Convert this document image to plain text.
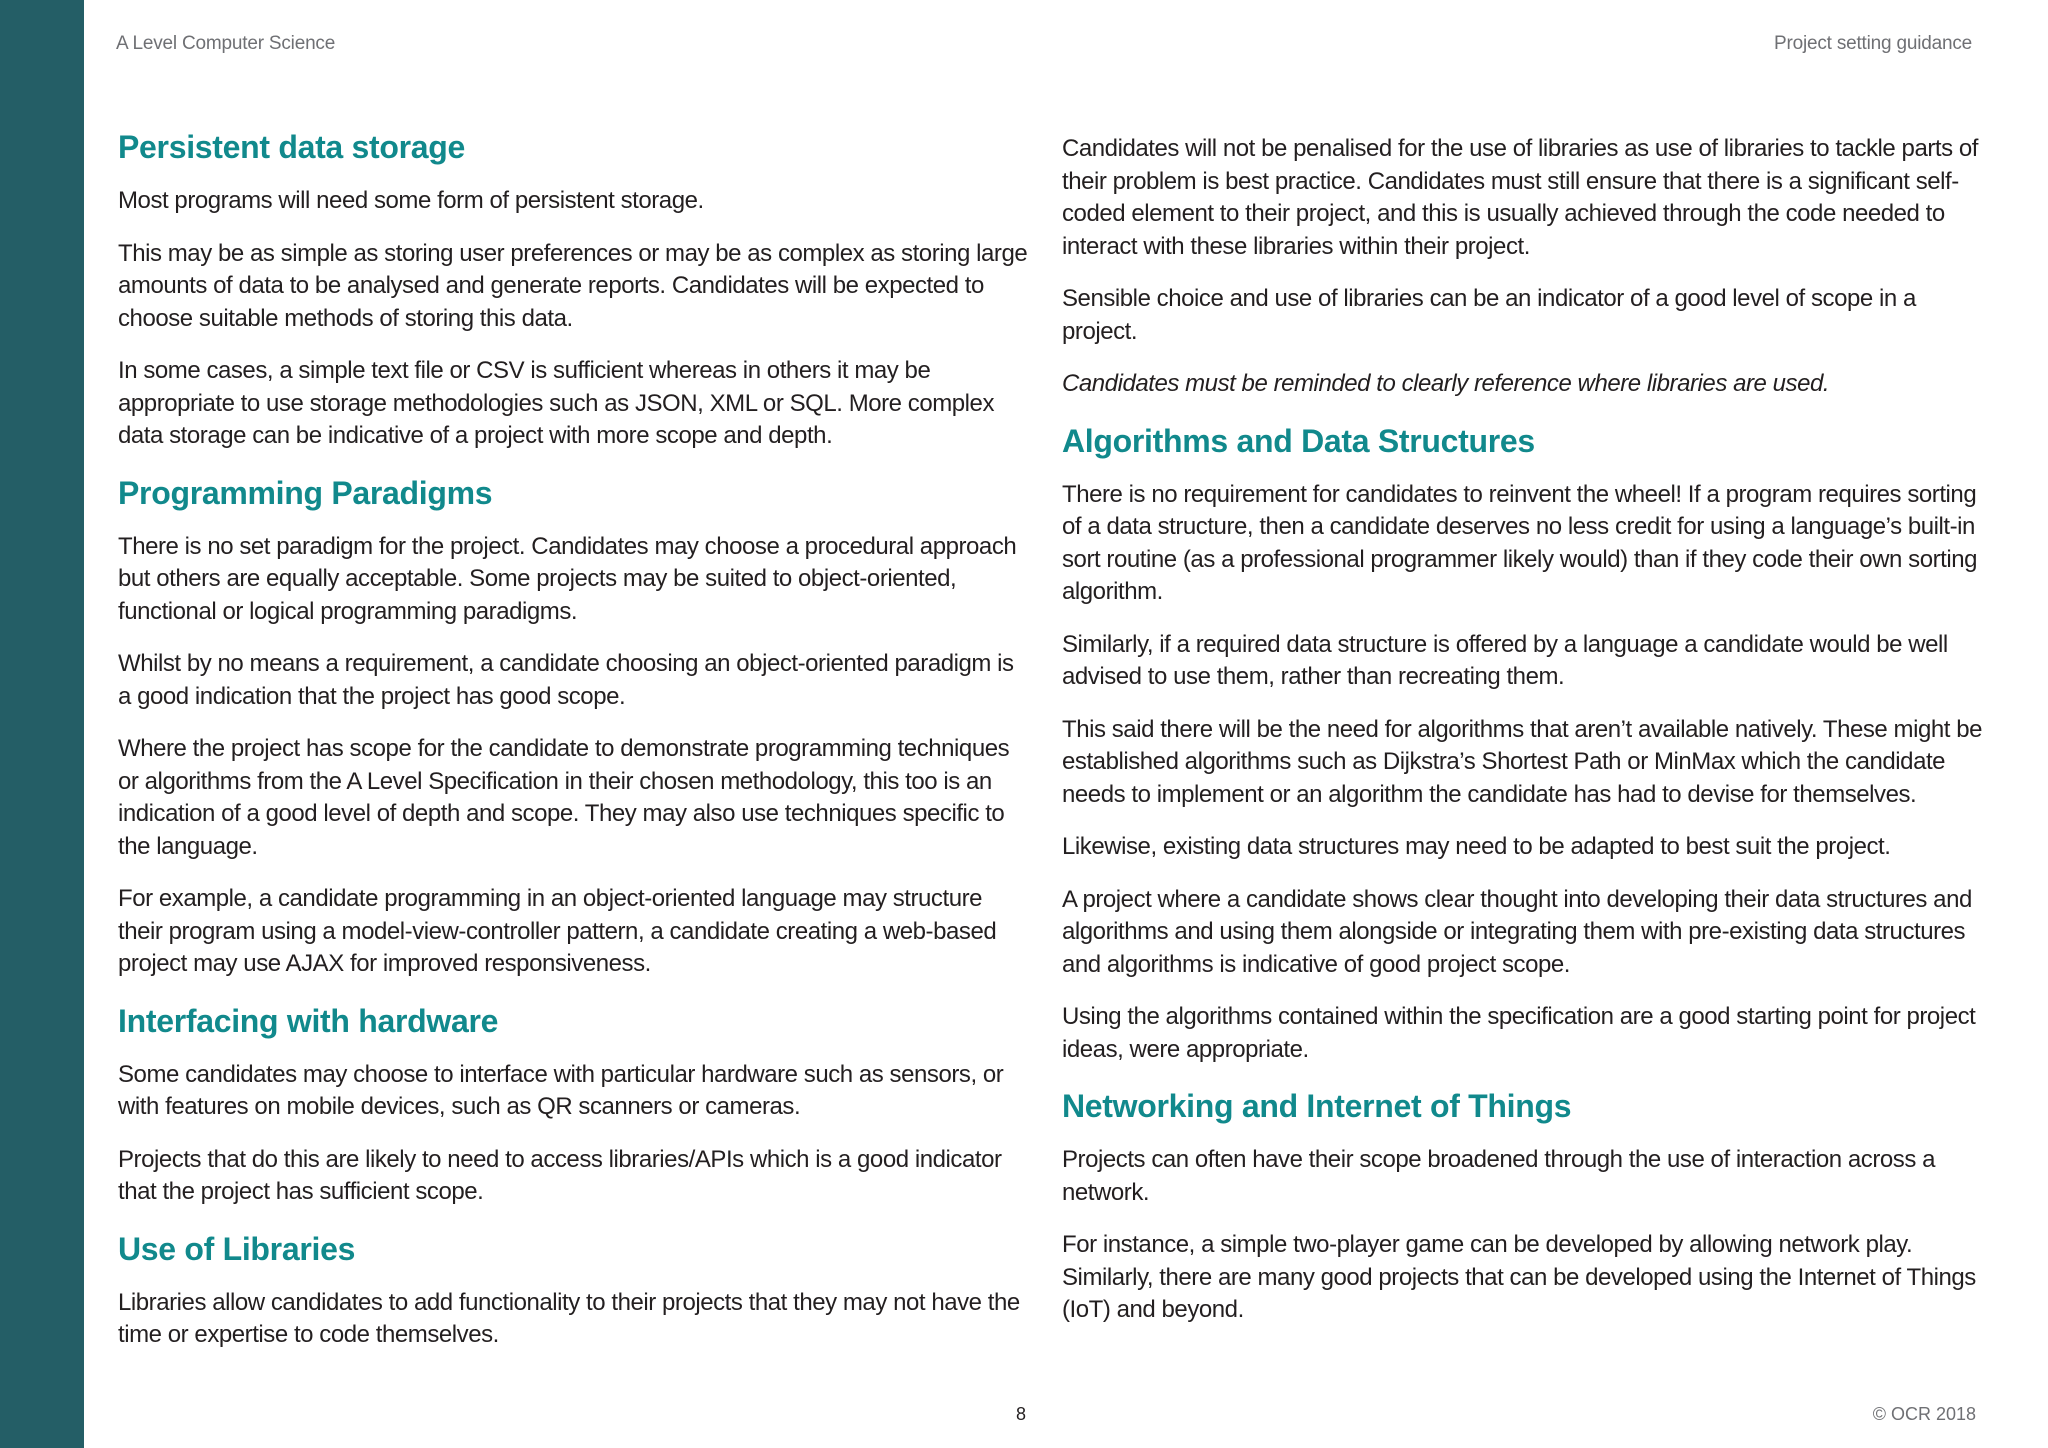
A Level Computer Science	Project setting guidance
Persistent data storage

Most programs will need some form of persistent storage.

This may be as simple as storing user preferences or may be as complex as storing large amounts of data to be analysed and generate reports. Candidates will be expected to choose suitable methods of storing this data.

In some cases, a simple text file or CSV is sufficient whereas in others it may be appropriate to use storage methodologies such as JSON, XML or SQL. More complex data storage can be indicative of a project with more scope and depth.

Programming Paradigms

There is no set paradigm for the project. Candidates may choose a procedural approach but others are equally acceptable. Some projects may be suited to object-oriented, functional or logical programming paradigms.

Whilst by no means a requirement, a candidate choosing an object-oriented paradigm is a good indication that the project has good scope.

Where the project has scope for the candidate to demonstrate programming techniques or algorithms from the A Level Specification in their chosen methodology, this too is an indication of a good level of depth and scope. They may also use techniques specific to the language.

For example, a candidate programming in an object-oriented language may structure their program using a model-view-controller pattern, a candidate creating a web-based project may use AJAX for improved responsiveness.

Interfacing with hardware

Some candidates may choose to interface with particular hardware such as sensors, or with features on mobile devices, such as QR scanners or cameras.

Projects that do this are likely to need to access libraries/APIs which is a good indicator that the project has sufficient scope.

Use of Libraries

Libraries allow candidates to add functionality to their projects that they may not have the time or expertise to code themselves.

Candidates will not be penalised for the use of libraries as use of libraries to tackle parts of their problem is best practice. Candidates must still ensure that there is a significant self-coded element to their project, and this is usually achieved through the code needed to interact with these libraries within their project.

Sensible choice and use of libraries can be an indicator of a good level of scope in a project.

Candidates must be reminded to clearly reference where libraries are used.

Algorithms and Data Structures

There is no requirement for candidates to reinvent the wheel! If a program requires sorting of a data structure, then a candidate deserves no less credit for using a language’s built-in sort routine (as a professional programmer likely would) than if they code their own sorting algorithm.

Similarly, if a required data structure is offered by a language a candidate would be well advised to use them, rather than recreating them.

This said there will be the need for algorithms that aren’t available natively. These might be established algorithms such as Dijkstra’s Shortest Path or MinMax which the candidate needs to implement or an algorithm the candidate has had to devise for themselves.

Likewise, existing data structures may need to be adapted to best suit the project.

A project where a candidate shows clear thought into developing their data structures and algorithms and using them alongside or integrating them with pre-existing data structures and algorithms is indicative of good project scope.

Using the algorithms contained within the specification are a good starting point for project ideas, were appropriate.

Networking and Internet of Things

Projects can often have their scope broadened through the use of interaction across a network.

For instance, a simple two-player game can be developed by allowing network play. Similarly, there are many good projects that can be developed using the Internet of Things (IoT) and beyond.

8	© OCR 2018
